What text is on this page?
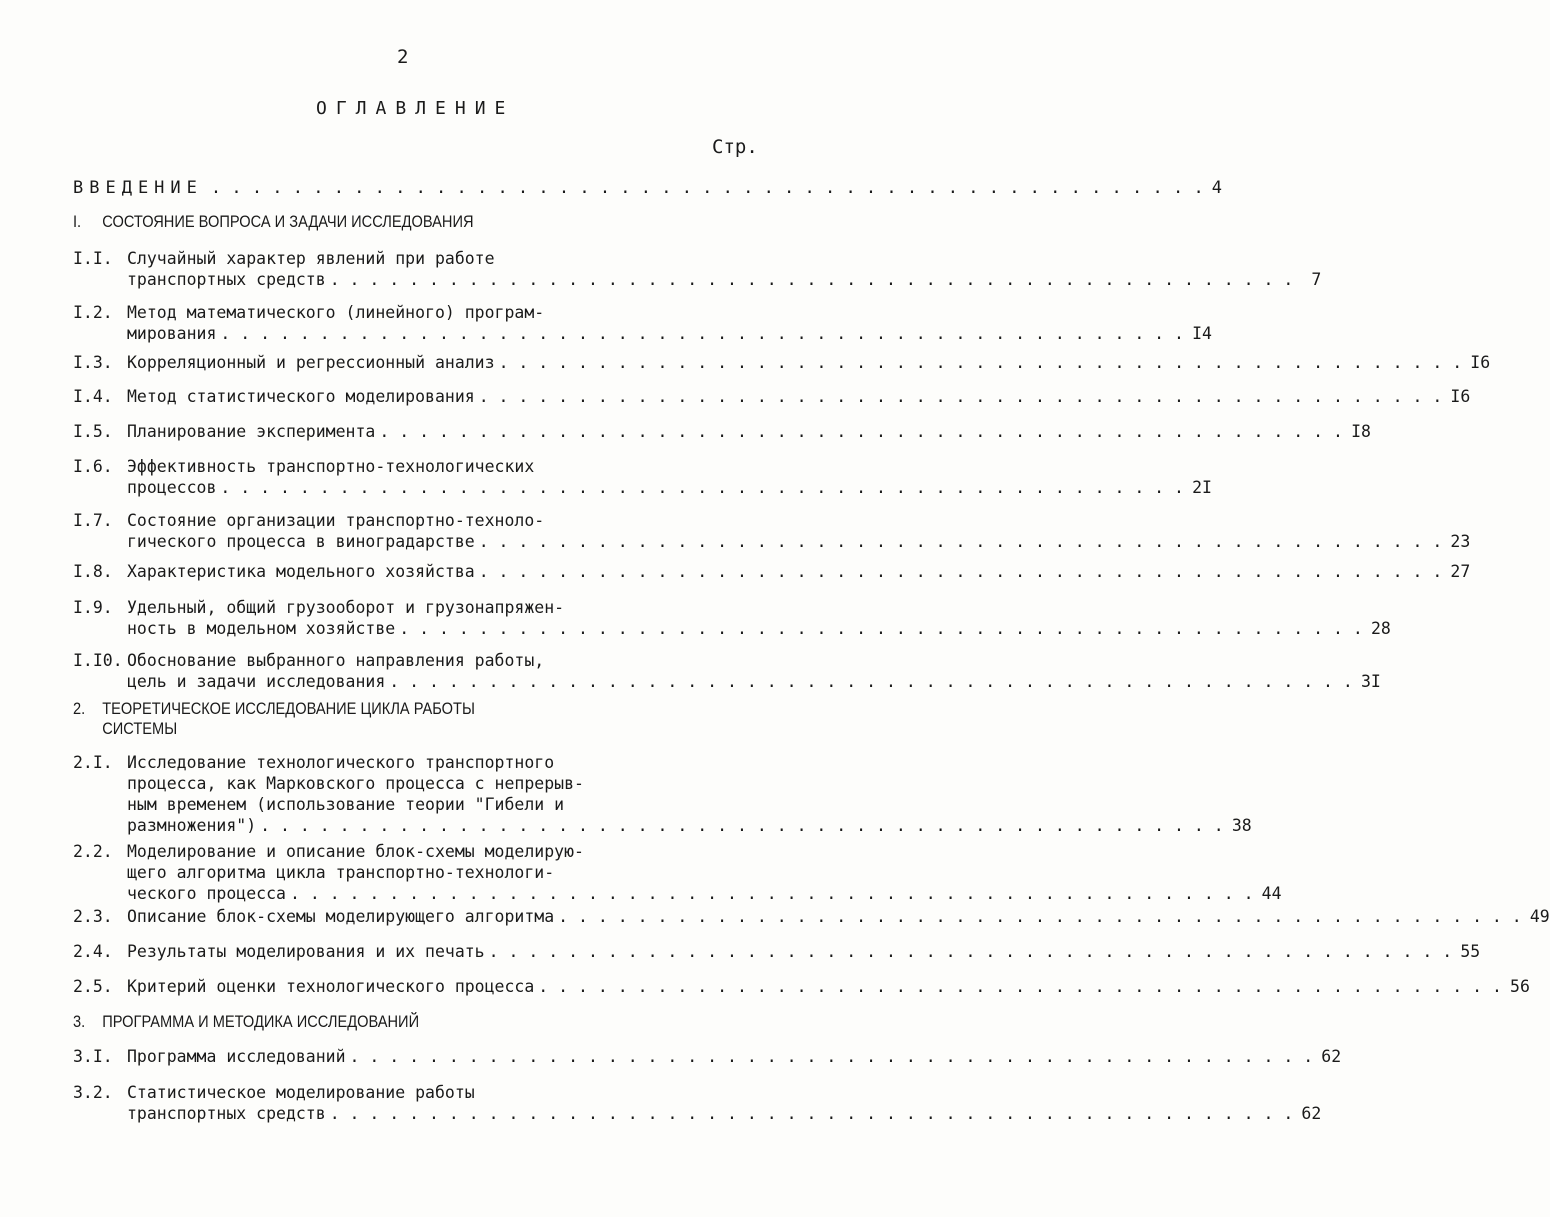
2
ОГЛАВЛЕНИЕ
Стр.
ВВЕДЕНИЕ . . . . . . . . . . . . . . . . . . . . . . . . . . . . . . . . . . . . . . . . . . . . . . . . . 4
I. СОСТОЯНИЕ ВОПРОСА И ЗАДАЧИ ИССЛЕДОВАНИЯ
2. ТЕОРЕТИЧЕСКОЕ ИССЛЕДОВАНИЕ ЦИКЛА РАБОТЫ
СИСТЕМЫ
3. ПРОГРАММА И МЕТОДИКА ИССЛЕДОВАНИЙ
I.I. Случайный характер явлений при работе
транспортных средств . . . . . . . . . . . . . . . . . . . . . . . . . . . . . . . . . . . . . . . . . . . . . . . . .	7
I.2. Метод математического (линейного) програм-
мирования . . . . . . . . . . . . . . . . . . . . . . . . . . . . . . . . . . . . . . . . . . . . . . . . . I4
I.3. Корреляционный и регрессионный анализ . . . . . . . . . . . . . . . . . . . . . . . . . . . . . . . . . . . . . . . . . . . . . . . . . I6
I.4. Метод статистического моделирования . . . . . . . . . . . . . . . . . . . . . . . . . . . . . . . . . . . . . . . . . . . . . . . . . I6
I.5. Планирование эксперимента . . . . . . . . . . . . . . . . . . . . . . . . . . . . . . . . . . . . . . . . . . . . . . . . . I8
I.6. Эффективность транспортно-технологических
процессов . . . . . . . . . . . . . . . . . . . . . . . . . . . . . . . . . . . . . . . . . . . . . . . . . 2I
I.7. Состояние организации транспортно-техноло-
гического процесса в виноградарстве . . . . . . . . . . . . . . . . . . . . . . . . . . . . . . . . . . . . . . . . . . . . . . . . . 23
I.8. Характеристика модельного хозяйства . . . . . . . . . . . . . . . . . . . . . . . . . . . . . . . . . . . . . . . . . . . . . . . . . 27
I.9. Удельный, общий грузооборот и грузонапряжен-
ность в модельном хозяйстве . . . . . . . . . . . . . . . . . . . . . . . . . . . . . . . . . . . . . . . . . . . . . . . . . 28
I.I0. Обоснование выбранного направления работы,
цель и задачи исследования . . . . . . . . . . . . . . . . . . . . . . . . . . . . . . . . . . . . . . . . . . . . . . . . . 3I
2.I. Исследование технологического транспортного
процесса, как Марковского процесса с непрерыв-
ным временем (использование теории "Гибели и
размножения") . . . . . . . . . . . . . . . . . . . . . . . . . . . . . . . . . . . . . . . . . . . . . . . . . 38
2.2. Моделирование и описание блок-схемы моделирую-
щего алгоритма цикла транспортно-технологи-
ческого процесса . . . . . . . . . . . . . . . . . . . . . . . . . . . . . . . . . . . . . . . . . . . . . . . . . 44
2.3. Описание блок-схемы моделирующего алгоритма . . . . . . . . . . . . . . . . . . . . . . . . . . . . . . . . . . . . . . . . . . . . . . . . . 49
2.4. Результаты моделирования и их печать . . . . . . . . . . . . . . . . . . . . . . . . . . . . . . . . . . . . . . . . . . . . . . . . . 55
2.5. Критерий оценки технологического процесса . . . . . . . . . . . . . . . . . . . . . . . . . . . . . . . . . . . . . . . . . . . . . . . . . 56
3.I. Программа исследований . . . . . . . . . . . . . . . . . . . . . . . . . . . . . . . . . . . . . . . . . . . . . . . . . 62
3.2. Статистическое моделирование работы
транспортных средств . . . . . . . . . . . . . . . . . . . . . . . . . . . . . . . . . . . . . . . . . . . . . . . . . 62
